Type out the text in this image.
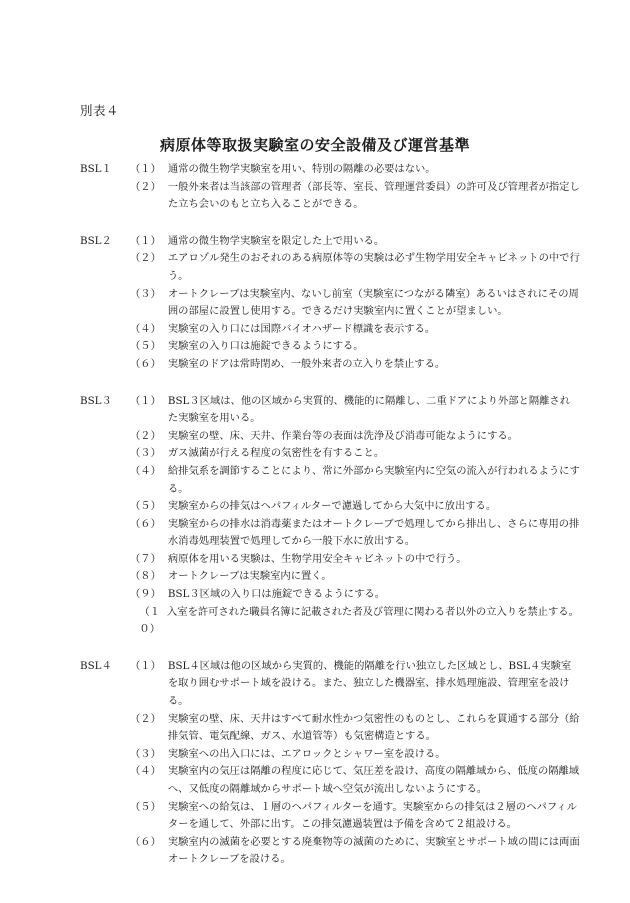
別表４
病原体等取扱実験室の安全設備及び運営基準
BSL１	（１） 通常の微生物学実験室を用い、特別の隔離の必要はない。
（２） 一般外来者は当該部の管理者（部長等、室長、管理運営委員）の許可及び管理者が指定した立ち会いのもと立ち入ることができる。
BSL２	（１） 通常の微生物学実験室を限定した上で用いる。
（２） エアロゾル発生のおそれのある病原体等の実験は必ず生物学用安全キャビネットの中で行う。
（３） オートクレーブは実験室内、ないし前室（実験室につながる隣室）あるいはされにその周囲の部屋に設置し使用する。できるだけ実験室内に置くことが望ましい。
（４） 実験室の入り口には国際バイオハザード標識を表示する。
（５） 実験室の入り口は施錠できるようにする。
（６） 実験室のドアは常時閉め、一般外来者の立入りを禁止する。
BSL３	（１） BSL３区域は、他の区域から実質的、機能的に隔離し、二重ドアにより外部と隔離された実験室を用いる。
（２） 実験室の壁、床、天井、作業台等の表面は洗浄及び消毒可能なようにする。
（３） ガス滅菌が行える程度の気密性を有すること。
（４） 給排気系を調節することにより、常に外部から実験室内に空気の流入が行われるようにする。
（５） 実験室からの排気はヘパフィルターで濾過してから大気中に放出する。
（６） 実験室からの排水は消毒薬またはオートクレーブで処理してから排出し、さらに専用の排水消毒処理装置で処理してから一般下水に放出する。
（７） 病原体を用いる実験は、生物学用安全キャビネットの中で行う。
（８） オートクレーブは実験室内に置く。
（９） BSL３区域の入り口は施錠できるようにする。
（１０）
入室を許可された職員名簿に記載された者及び管理に関わる者以外の立入りを禁止する。
BSL４	（１） BSL４区域は他の区域から実質的、機能的隔離を行い独立した区域とし、BSL４実験室を取り囲むサポート域を設ける。また、独立した機器室、排水処理施設、管理室を設ける。
（２） 実験室の壁、床、天井はすべて耐水性かつ気密性のものとし、これらを貫通する部分（給排気管、電気配線、ガス、水道管等）も気密構造とする。
（３） 実験室への出入口には、エアロックとシャワー室を設ける。
（４） 実験室内の気圧は隔離の程度に応じて、気圧差を設け、高度の隔離域から、低度の隔離域へ、又低度の隔離域からサポート域へ空気が流出しないようにする。
（５） 実験室への給気は、１層のヘパフィルターを通す。実験室からの排気は２層のヘパフィルターを通して、外部に出す。この排気濾過装置は予備を含めて２組設ける。
（６） 実験室内の滅菌を必要とする廃棄物等の滅菌のために、実験室とサポート域の間には両面オートクレーブを設ける。
